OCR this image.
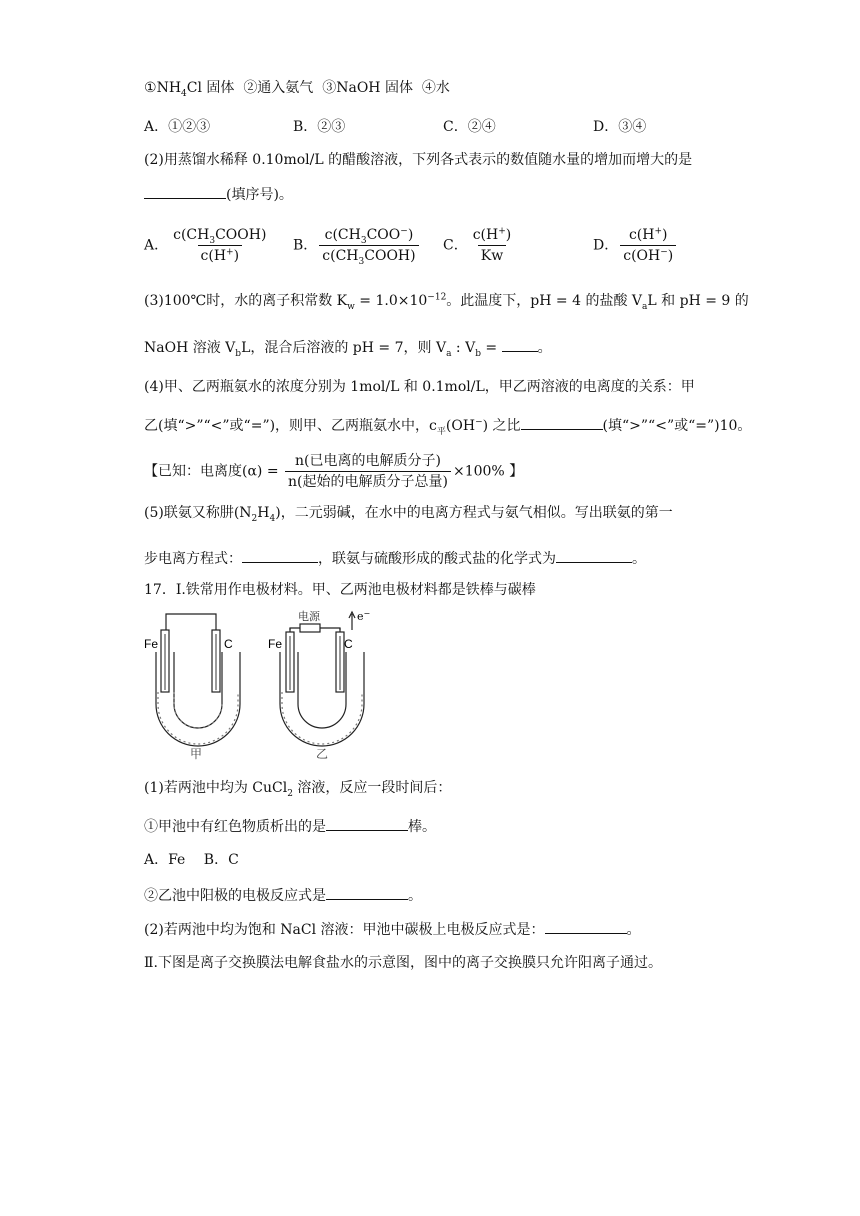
$①NH_4Cl$ 固体 ②通入氨气 ③NaOH 固体 ④水
A．①②③	B．②③	C．②④	D．③④
(2)用蒸馏水稀释 0.10mol/L 的醋酸溶液，下列各式表示的数值随水量的增加而增大的是
(填序号)。
A． $\frac{c(CH_3COOH)}{c(H^+)}$ B． $\frac{c(CH_3COO^-)}{c(CH_3COOH)}$ C． $\frac{c(H^+)}{Kw}$	D． $\frac{c(H^+)}{c(OH^-)}$
(3)100℃时，水的离子积常数 $K_w = 1.0\times 10^{-12}$。此温度下，pH = 4 的盐酸 $V_aL$ 和 pH = 9 的
NaOH 溶液 $V_bL$，混合后溶液的 pH = 7，则 $V_a$ : $V_b$ =	。
(4)甲、乙两瓶氨水的浓度分别为 1mol/L 和 0.1mol/L，甲乙两溶液的电离度的关系：甲
乙(填“>”“<”或“=”)，则甲、乙两瓶氨水中，$c_平(OH^-)$ 之比	(填“>”“<”或“=”)10。
【已知：电离度$(\alpha) = \frac{\text{n(已电离的电解质分子)}}{\text{n(起始的电解质分子总量)}} \times 100\%$ 】
(5)联氨又称肼$(N_2H_4)$，二元弱碱，在水中的电离方程式与氨气相似。写出联氨的第一
步电离方程式：	，联氨与硫酸形成的酸式盐的化学式为	。
17．Ⅰ.铁常用作电极材料。甲、乙两池电极材料都是铁棒与碳棒
Fe	C
甲
电源
Fe	C
e−
乙
(1)若两池中均为 CuCl$_2$ 溶液，反应一段时间后：
①甲池中有红色物质析出的是	棒。
A．Fe　 B．C
②乙池中阳极的电极反应式是	。
(2)若两池中均为饱和 NaCl 溶液：甲池中碳极上电极反应式是：	。
Ⅱ.下图是离子交换膜法电解食盐水的示意图，图中的离子交换膜只允许阳离子通过。
